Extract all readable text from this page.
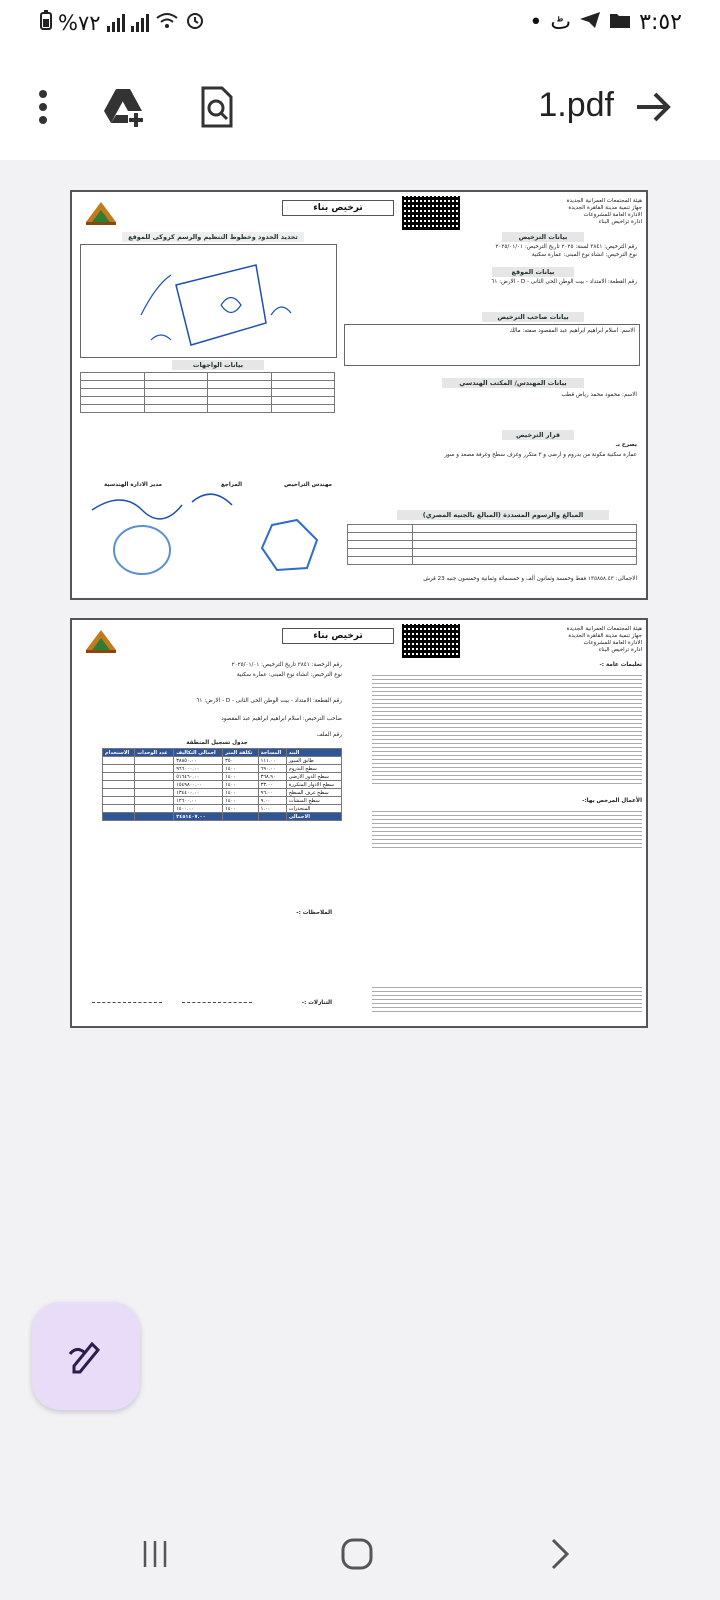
%٧٢	• ٹ	٣:٥٢
1.pdf
ترخيص بناء
هيئة المجتمعات العمرانية الجديدة
جهاز تنمية مدينة القاهرة الجديدة
الادارة العامة للمشروعات
ادارة تراخيص البناء
بيانات الترخيص
رقم الترخيص: ٣٨٤١ لسنة: ٢٠٢٥ تاريخ الترخيص: ٢٠٢٥/٠١/٠١
نوع الترخيص: انشاء نوع المبنى: عمارة سكنية
بيانات الموقع
رقم القطعة: الامتداد - بيت الوطن الحى الثانى - D - الارض: ٦١
بيانات صاحب الترخيص
الاسم: اسلام ابراهيم ابراهيم عبد المقصود صفته: مالك
بيانات المهندس/ المكتب الهندسي
الاسم: محمود محمد رياض قطب
قرار الترخيص
يصرح بـ
عمارة سكنية مكونة من بدروم و ارضى و ٣ متكرر وغرف سطح وغرفة مصعد و سور
المبالغ والرسوم المسددة (المبالغ بالجنيه المصري)

الاجمالى: ١٣٥٨٥٨.٤٣ فقط وخمسة وثمانون ألف و خمسمائة وثمانية وخمسون جنيه 23 قرش
تحديد الحدود وخطوط التنظيم والرسم كروكى للموقع
بيانات الواجهات

مهندس التراخيص
المراجع
مدير الادارة الهندسية
ترخيص بناء
هيئة المجتمعات العمرانية الجديدة
جهاز تنمية مدينة القاهرة الجديدة
الادارة العامة للمشروعات
ادارة تراخيص البناء
تعليمات عامة :-
الأعمال المرخص بها:-
رقم الرخصة: ٣٨٤١ تاريخ الترخيص: ٢٠٢٥/٠١/٠١
نوع الترخيص: انشاء نوع المبنى: عمارة سكنية
رقم القطعة: الامتداد - بيت الوطن الحى الثانى - D - الارض: ٦١
صاحب الترخيص: اسلام ابراهيم ابراهيم عبد المقصود
رقم الملف
جدول تسجيل المنطقة
الاستخدام	عدد الوحدات	اجمالى التكاليف	تكلفة المتر	المساحة	البند
		٣٨٨٥٠.٠٠	٣٥٠	١١١.٠٠	طابق السور
		٩٦٦٠٠٠.٠٠	١٤٠٠	٦٩٠.٠٠	سطح البدروم
		٥١٦٤٦٠.٠٠	١٤٠٠	٣٦٨.٩٠	سطح الدور الارضى
		١٥٤٩٨٠٠.٠٠	١٤٠٠	٣٣.٠٠	سطح الادوار المتكررة
		١٣٤٤٠٠.٠٠	١٤٠٠	٩٦.٠٠	سطح غرف السطح
		١٢٦٠٠.٠٠	١٤٠٠	٩.٠٠	سطح المنشآت
		١٤٠٠.٠٠	١٤٠٠	١.٠٠	المنحدرات
		٣٤٥١٤٠٧.٠٠			الاجمالى
الملاحظات :-
التنازلات :-
